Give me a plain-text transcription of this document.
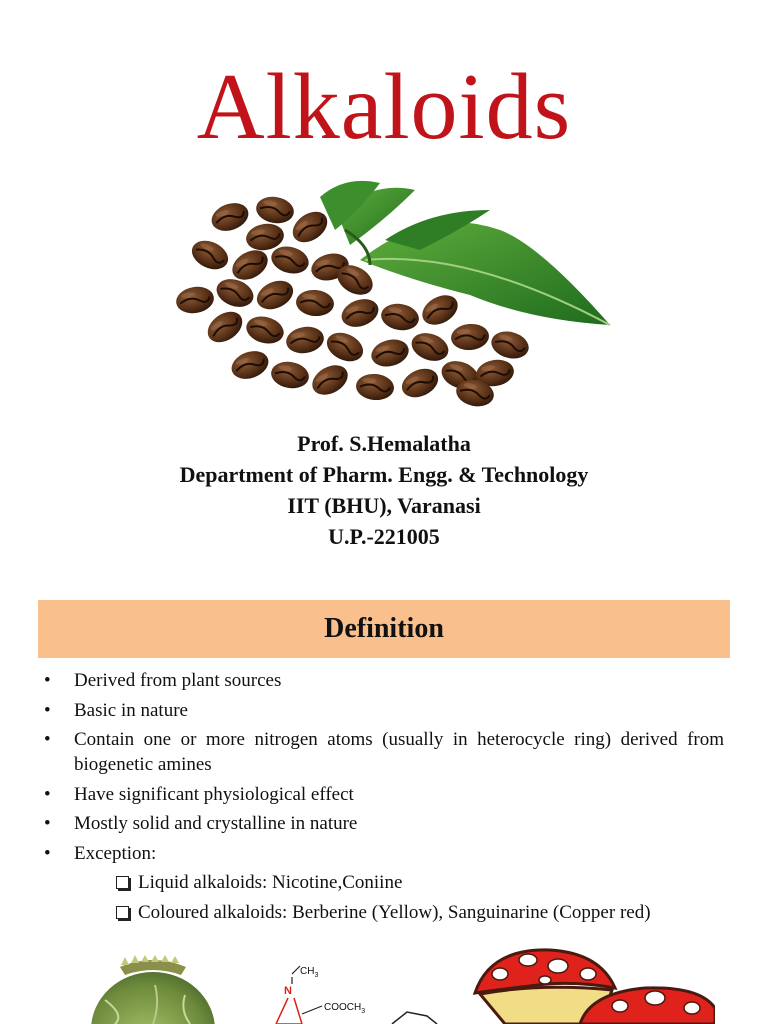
Alkaloids
Prof. S.Hemalatha
Department of Pharm. Engg. & Technology
IIT (BHU), Varanasi
U.P.-221005
Definition
•	Derived from plant sources
•	Basic in nature
•	Contain one or more nitrogen atoms (usually in heterocycle ring) derived from biogenetic amines
•	Have significant physiological effect
•	Mostly solid and crystalline in nature
•	Exception:
Liquid alkaloids: Nicotine,Coniine
Coloured alkaloids: Berberine (Yellow), Sanguinarine (Copper red)
$CH_3$
N
$COOCH_3$
